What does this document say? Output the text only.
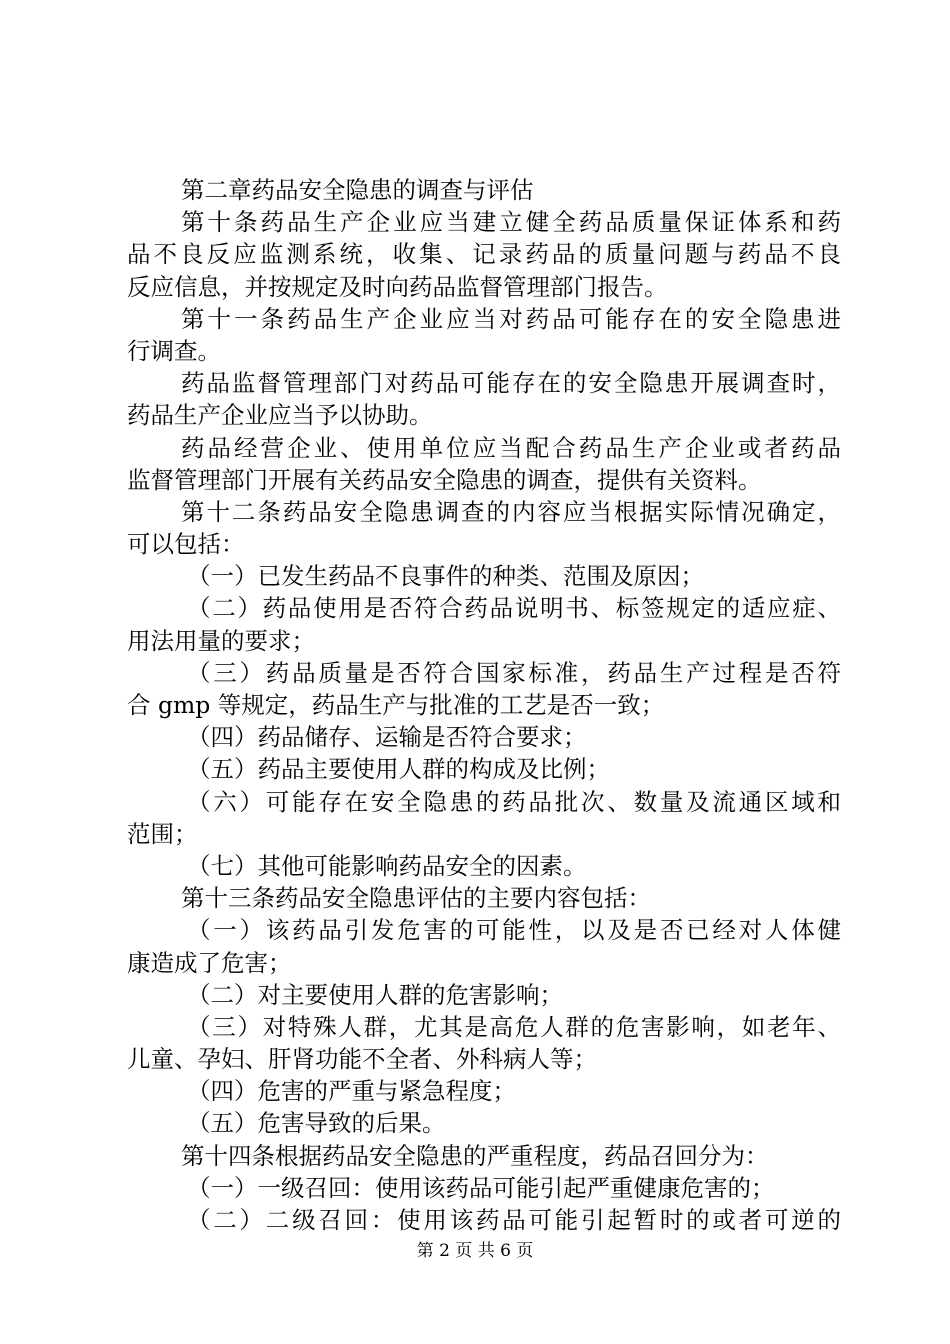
第二章药品安全隐患的调查与评估
第十条药品生产企业应当建立健全药品质量保证体系和药
品不良反应监测系统，收集、记录药品的质量问题与药品不良
反应信息，并按规定及时向药品监督管理部门报告。
第十一条药品生产企业应当对药品可能存在的安全隐患进
行调查。
药品监督管理部门对药品可能存在的安全隐患开展调查时，
药品生产企业应当予以协助。
药品经营企业、使用单位应当配合药品生产企业或者药品
监督管理部门开展有关药品安全隐患的调查，提供有关资料。
第十二条药品安全隐患调查的内容应当根据实际情况确定，
可以包括：
（一）已发生药品不良事件的种类、范围及原因；
（二）药品使用是否符合药品说明书、标签规定的适应症、
用法用量的要求；
（三）药品质量是否符合国家标准，药品生产过程是否符
合 gmp 等规定，药品生产与批准的工艺是否一致；
（四）药品储存、运输是否符合要求；
（五）药品主要使用人群的构成及比例；
（六）可能存在安全隐患的药品批次、数量及流通区域和
范围；
（七）其他可能影响药品安全的因素。
第十三条药品安全隐患评估的主要内容包括：
（一）该药品引发危害的可能性，以及是否已经对人体健
康造成了危害；
（二）对主要使用人群的危害影响；
（三）对特殊人群，尤其是高危人群的危害影响，如老年、
儿童、孕妇、肝肾功能不全者、外科病人等；
（四）危害的严重与紧急程度；
（五）危害导致的后果。
第十四条根据药品安全隐患的严重程度，药品召回分为：
（一）一级召回：使用该药品可能引起严重健康危害的；
（二）二级召回：使用该药品可能引起暂时的或者可逆的
第 2 页 共 6 页
